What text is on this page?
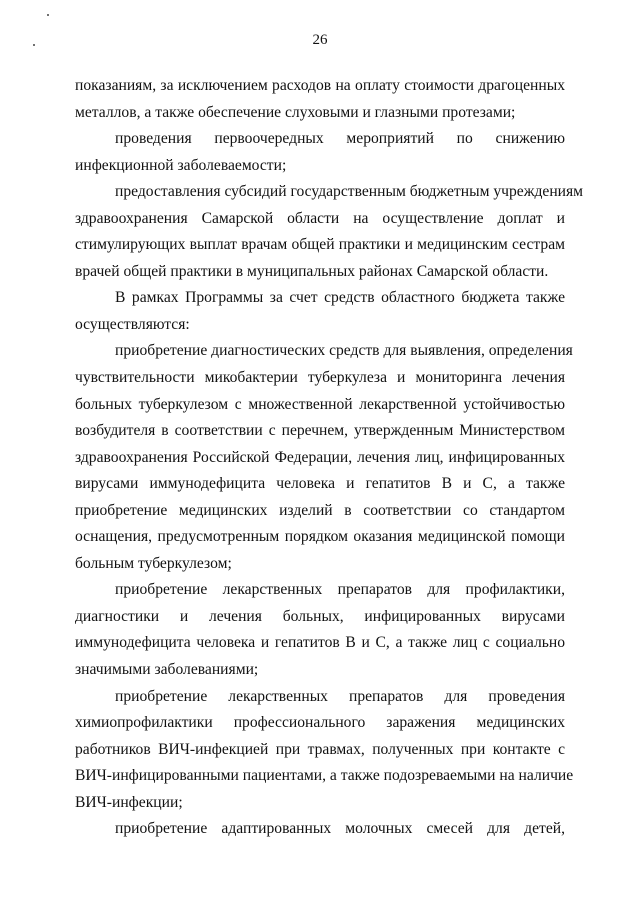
26
показаниям, за исключением расходов на оплату стоимости драгоценных
металлов, а также обеспечение слуховыми и глазными протезами;
проведения первоочередных мероприятий по снижению
инфекционной заболеваемости;
предоставления субсидий государственным бюджетным учреждениям
здравоохранения Самарской области на осуществление доплат и
стимулирующих выплат врачам общей практики и медицинским сестрам
врачей общей практики в муниципальных районах Самарской области.
В рамках Программы за счет средств областного бюджета также
осуществляются:
приобретение диагностических средств для выявления, определения
чувствительности микобактерии туберкулеза и мониторинга лечения
больных туберкулезом с множественной лекарственной устойчивостью
возбудителя в соответствии с перечнем, утвержденным Министерством
здравоохранения Российской Федерации, лечения лиц, инфицированных
вирусами иммунодефицита человека и гепатитов В и С, а также
приобретение медицинских изделий в соответствии со стандартом
оснащения, предусмотренным порядком оказания медицинской помощи
больным туберкулезом;
приобретение лекарственных препаратов для профилактики,
диагностики и лечения больных, инфицированных вирусами
иммунодефицита человека и гепатитов В и С, а также лиц с социально
значимыми заболеваниями;
приобретение лекарственных препаратов для проведения
химиопрофилактики профессионального заражения медицинских
работников ВИЧ-инфекцией при травмах, полученных при контакте с
ВИЧ-инфицированными пациентами, а также подозреваемыми на наличие
ВИЧ-инфекции;
приобретение адаптированных молочных смесей для детей,
